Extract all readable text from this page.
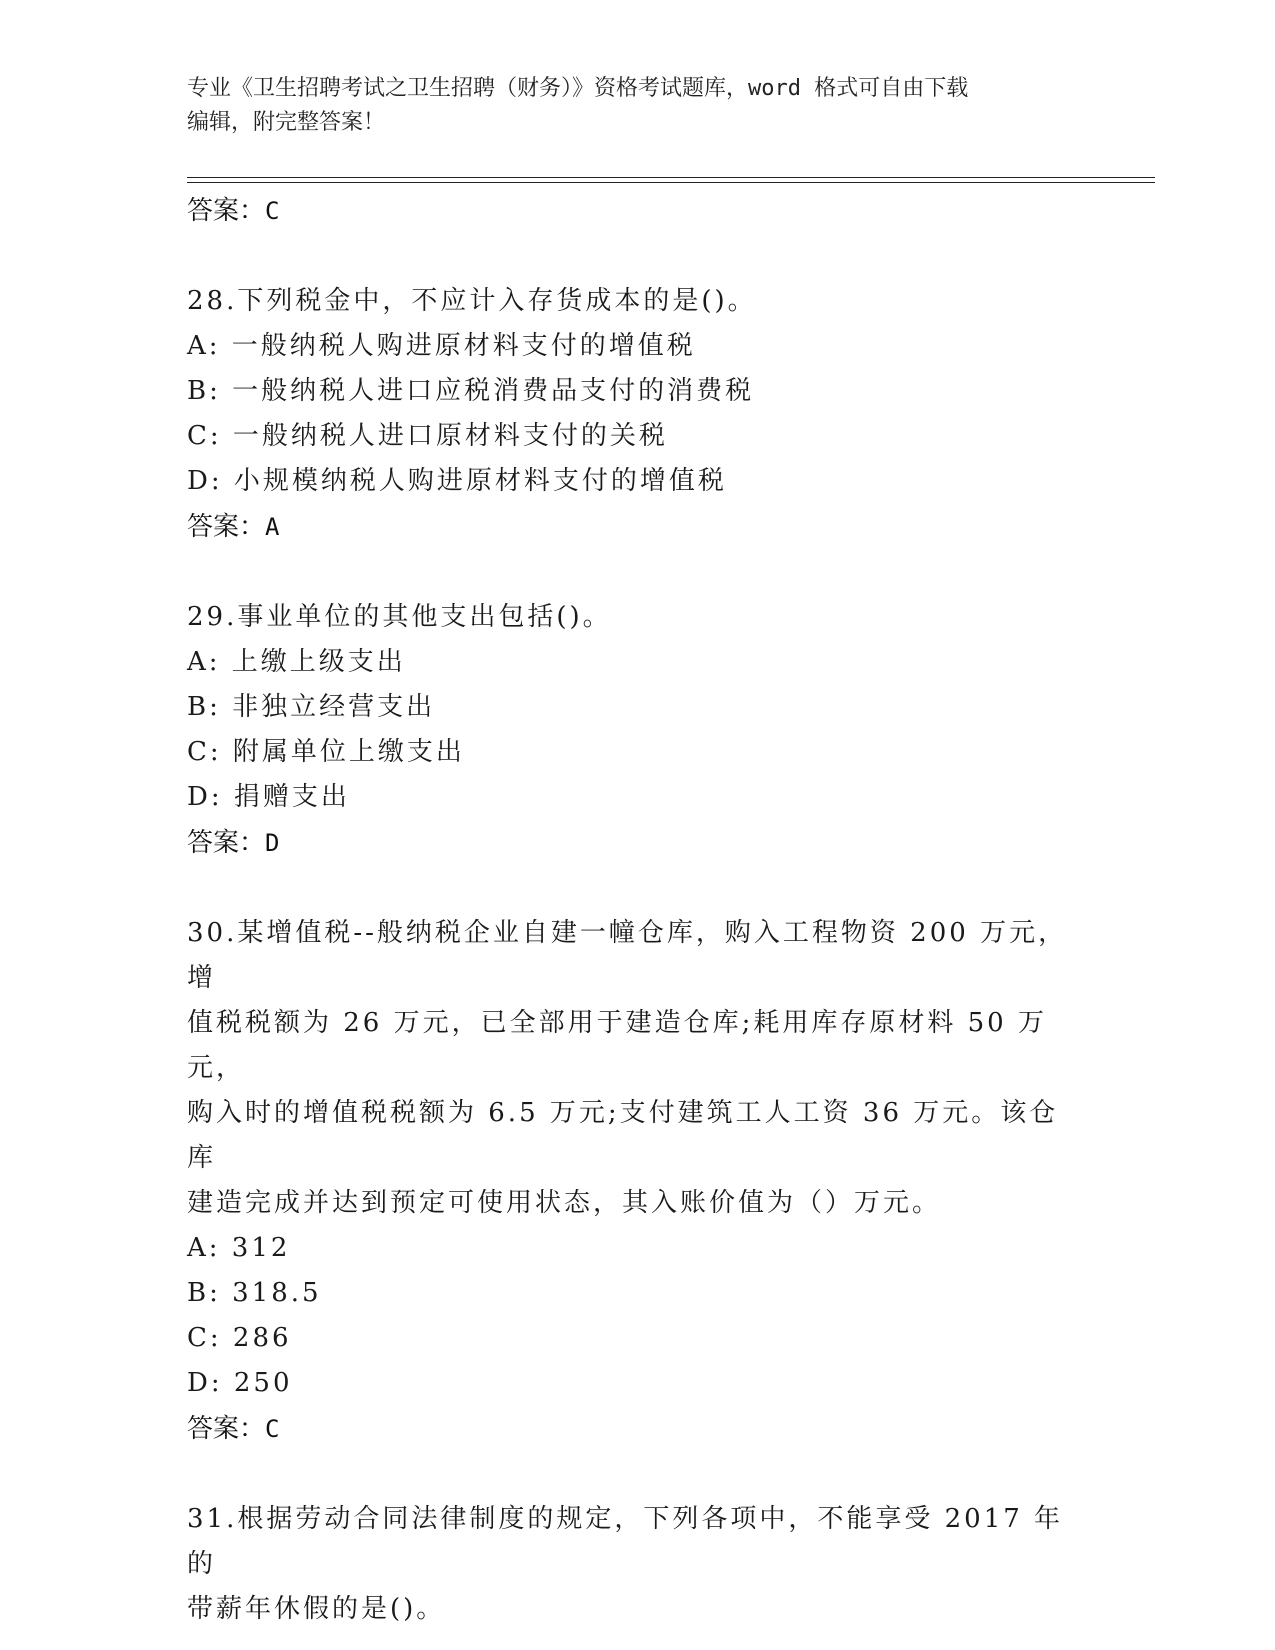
专业《卫生招聘考试之卫生招聘（财务）》资格考试题库，word 格式可自由下载
编辑，附完整答案！
答案：C
28.下列税金中，不应计入存货成本的是()。
A: 一般纳税人购进原材料支付的增值税
B: 一般纳税人进口应税消费品支付的消费税
C: 一般纳税人进口原材料支付的关税
D: 小规模纳税人购进原材料支付的增值税
答案：A
29.事业单位的其他支出包括()。
A: 上缴上级支出
B: 非独立经营支出
C: 附属单位上缴支出
D: 捐赠支出
答案：D
30.某增值税--般纳税企业自建一幢仓库，购入工程物资 200 万元，增
值税税额为 26 万元，已全部用于建造仓库;耗用库存原材料 50 万元，
购入时的增值税税额为 6.5 万元;支付建筑工人工资 36 万元。该仓库
建造完成并达到预定可使用状态，其入账价值为（）万元。
A: 312
B: 318.5
C: 286
D: 250
答案：C
31.根据劳动合同法律制度的规定，下列各项中，不能享受 2017 年的
带薪年休假的是()。
